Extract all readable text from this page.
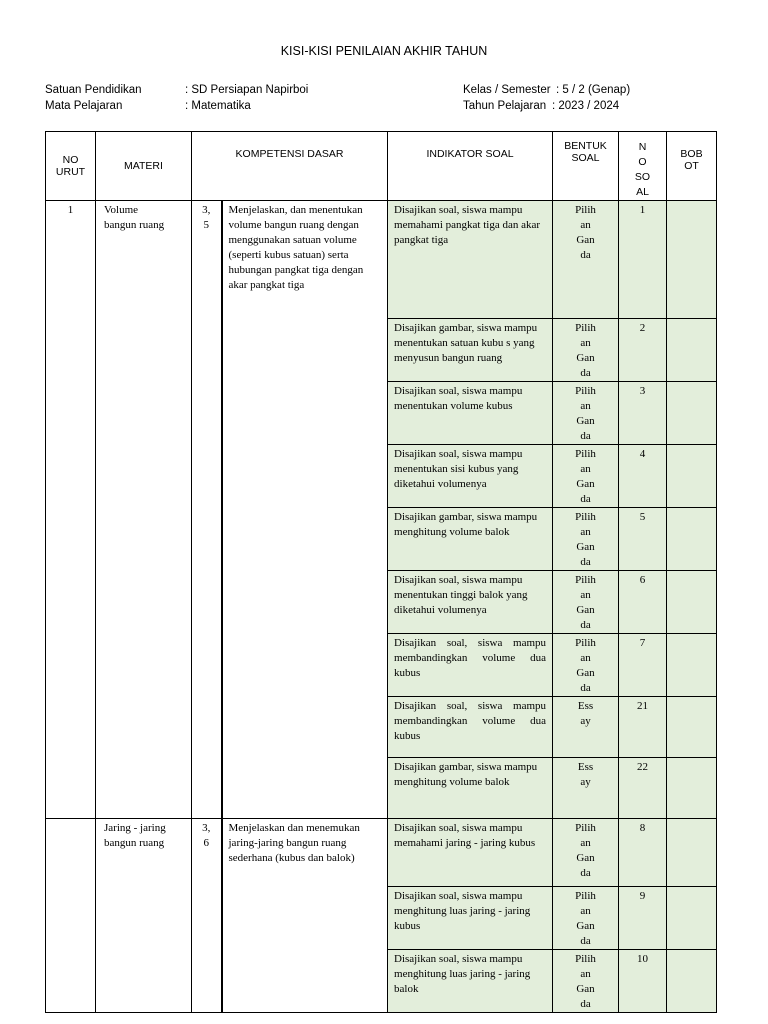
KISI-KISI PENILAIAN AKHIR TAHUN
Satuan Pendidikan	: SD Persiapan Napirboi
Mata Pelajaran	: Matematika
Kelas / Semester : 5 / 2 (Genap)
Tahun Pelajaran : 2023 / 2024
NO
URUT	MATERI	KOMPETENSI DASAR		INDIKATOR SOAL	BENTUK
SOAL	N
O
SO
AL	BOB
OT
1	Volume
bangun ruang	3,
5	Menjelaskan, dan menentukan volume bangun ruang dengan menggunakan satuan volume (seperti kubus satuan) serta hubungan pangkat tiga dengan akar pangkat tiga	Disajikan soal, siswa mampu memahami pangkat tiga dan akar pangkat tiga	Pilih
an
Gan
da	1	
				Disajikan gambar, siswa mampu menentukan satuan kubu s yang menyusun bangun ruang	Pilih
an
Gan
da	2	
				Disajikan soal, siswa mampu menentukan volume kubus	Pilih
an
Gan
da	3	
				Disajikan soal, siswa mampu menentukan sisi kubus yang diketahui volumenya	Pilih
an
Gan
da	4	
				Disajikan gambar, siswa mampu menghitung volume balok	Pilih
an
Gan
da	5	
				Disajikan soal, siswa mampu menentukan tinggi balok yang diketahui volumenya	Pilih
an
Gan
da	6	
				Disajikan soal, siswa mampu membandingkan volume dua kubus	Pilih
an
Gan
da	7	
				Disajikan soal, siswa mampu membandingkan volume dua kubus	Ess
ay	21	
				Disajikan gambar, siswa mampu menghitung volume balok	Ess
ay	22	
	Jaring - jaring
bangun ruang	3,
6	Menjelaskan dan menemukan jaring-jaring bangun ruang sederhana (kubus dan balok)	Disajikan soal, siswa mampu memahami jaring - jaring kubus	Pilih
an
Gan
da	8	
				Disajikan soal, siswa mampu menghitung luas jaring - jaring kubus	Pilih
an
Gan
da	9	
				Disajikan soal, siswa mampu menghitung luas jaring - jaring balok	Pilih
an
Gan
da	10	
